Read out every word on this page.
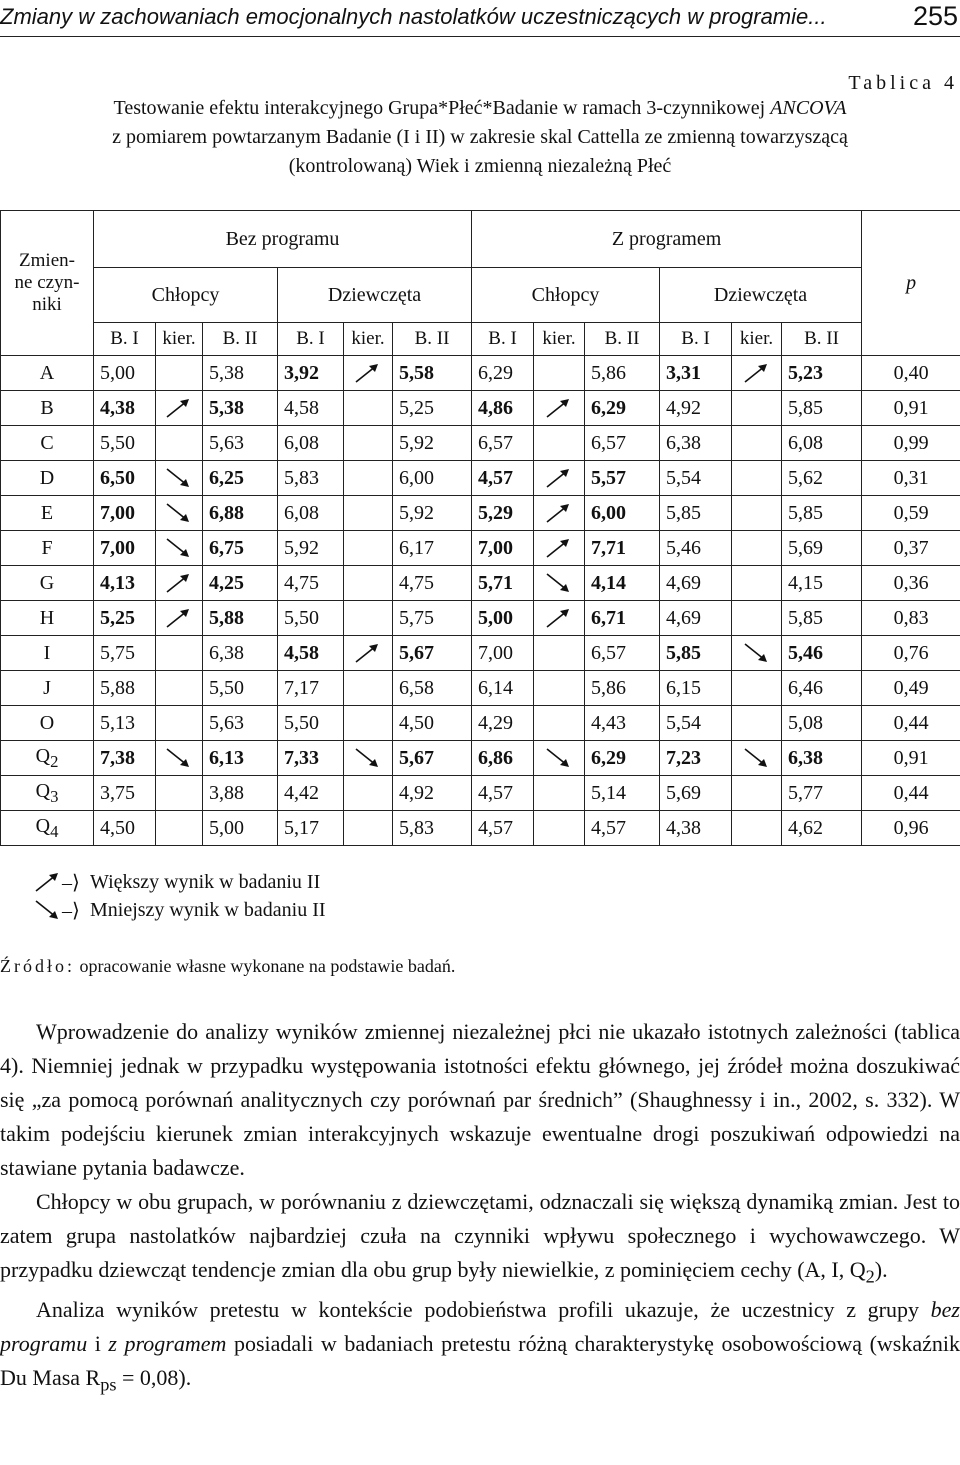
Zmiany w zachowaniach emocjonalnych nastolatków uczestniczących w programie...	255
Tablica 4
Testowanie efektu interakcyjnego Grupa*Płeć*Badanie w ramach 3-czynnikowej ANCOVA
z pomiarem powtarzanym Badanie (I i II) w zakresie skal Cattella ze zmienną towarzyszącą
(kontrolowaną) Wiek i zmienną niezależną Płeć
Zmien-
ne czyn-
niki	Bez programu						Z programem						p
	Chłopcy			Dziewczęta			Chłopcy			Dziewczęta			
	B. I	kier.	B. II	B. I	kier.	B. II	B. I	kier.	B. II	B. I	kier.	B. II	
A	5,00		5,38	3,92		5,58	6,29		5,86	3,31		5,23	0,40
B	4,38		5,38	4,58		5,25	4,86		6,29	4,92		5,85	0,91
C	5,50		5,63	6,08		5,92	6,57		6,57	6,38		6,08	0,99
D	6,50		6,25	5,83		6,00	4,57		5,57	5,54		5,62	0,31
E	7,00		6,88	6,08		5,92	5,29		6,00	5,85		5,85	0,59
F	7,00		6,75	5,92		6,17	7,00		7,71	5,46		5,69	0,37
G	4,13		4,25	4,75		4,75	5,71		4,14	4,69		4,15	0,36
H	5,25		5,88	5,50		5,75	5,00		6,71	4,69		5,85	0,83
I	5,75		6,38	4,58		5,67	7,00		6,57	5,85		5,46	0,76
J	5,88		5,50	7,17		6,58	6,14		5,86	6,15		6,46	0,49
O	5,13		5,63	5,50		4,50	4,29		4,43	5,54		5,08	0,44
$Q_2$	7,38		6,13	7,33		5,67	6,86		6,29	7,23		6,38	0,91
$Q_3$	3,75		3,88	4,42		4,92	4,57		5,14	5,69		5,77	0,44
$Q_4$	4,50		5,00	5,17		5,83	4,57		4,57	4,38		4,62	0,96
–⟩ Większy wynik w badaniu II
–⟩ Mniejszy wynik w badaniu II
Źródło: opracowanie własne wykonane na podstawie badań.

Wprowadzenie do analizy wyników zmiennej niezależnej płci nie ukazało istotnych zależności (tablica 4). Niemniej jednak w przypadku występowania istotności efektu głównego, jej źródeł można doszukiwać się „za pomocą porównań analitycznych czy porównań par średnich” (Shaughnessy i in., 2002, s. 332). W takim podejściu kierunek zmian interakcyjnych wskazuje ewentualne drogi poszukiwań odpowiedzi na stawiane pytania badawcze.

Chłopcy w obu grupach, w porównaniu z dziewczętami, odznaczali się większą dynamiką zmian. Jest to zatem grupa nastolatków najbardziej czuła na czynniki wpływu społecznego i wychowawczego. W przypadku dziewcząt tendencje zmian dla obu grup były niewielkie, z pominięciem cechy (A, I, $Q_2$).

Analiza wyników pretestu w kontekście podobieństwa profili ukazuje, że uczestnicy z grupy bez programu i z programem posiadali w badaniach pretestu różną charakterystykę osobowościową (wskaźnik Du Masa $R_{ps} = 0,08$).
